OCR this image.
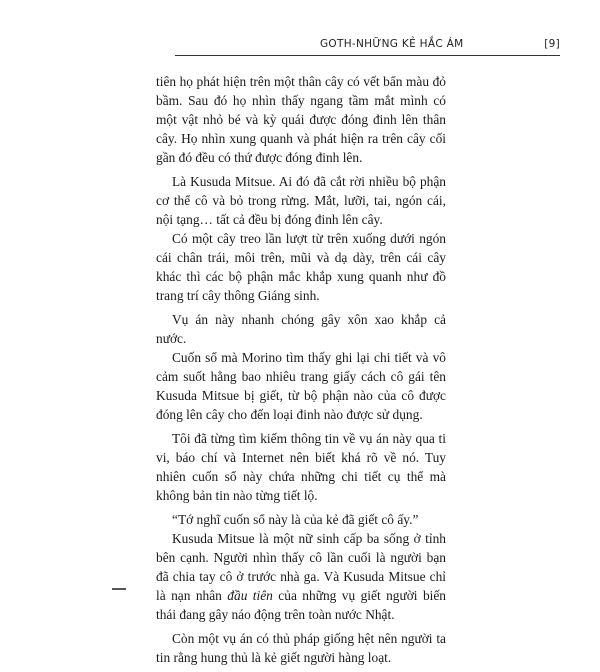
GOTH-NHỮNG KẺ HẮC ÁM	[9]

tiên họ phát hiện trên một thân cây có vết bẩn màu đỏ bầm. Sau đó họ nhìn thấy ngang tầm mắt mình có một vật nhỏ bé và kỳ quái được đóng đinh lên thân cây. Họ nhìn xung quanh và phát hiện ra trên cây cối gần đó đều có thứ được đóng đinh lên.

Là Kusuda Mitsue. Ai đó đã cắt rời nhiều bộ phận cơ thể cô và bỏ trong rừng. Mắt, lưỡi, tai, ngón cái, nội tạng… tất cả đều bị đóng đinh lên cây.

Có một cây treo lần lượt từ trên xuống dưới ngón cái chân trái, môi trên, mũi và dạ dày, trên cái cây khác thì các bộ phận mắc khắp xung quanh như đồ trang trí cây thông Giáng sinh.

Vụ án này nhanh chóng gây xôn xao khắp cả nước.

Cuốn sổ mà Morino tìm thấy ghi lại chi tiết và vô cảm suốt hằng bao nhiêu trang giấy cách cô gái tên Kusuda Mitsue bị giết, từ bộ phận nào của cô được đóng lên cây cho đến loại đinh nào được sử dụng.

Tôi đã từng tìm kiếm thông tin về vụ án này qua ti vi, báo chí và Internet nên biết khá rõ về nó. Tuy nhiên cuốn sổ này chứa những chi tiết cụ thể mà không bản tin nào từng tiết lộ.

“Tớ nghĩ cuốn sổ này là của kẻ đã giết cô ấy.”

Kusuda Mitsue là một nữ sinh cấp ba sống ở tỉnh bên cạnh. Người nhìn thấy cô lần cuối là người bạn đã chia tay cô ở trước nhà ga. Và Kusuda Mitsue chỉ là nạn nhân đầu tiên của những vụ giết người biến thái đang gây náo động trên toàn nước Nhật.

Còn một vụ án có thủ pháp giống hệt nên người ta tin rằng hung thủ là kẻ giết người hàng loạt.
